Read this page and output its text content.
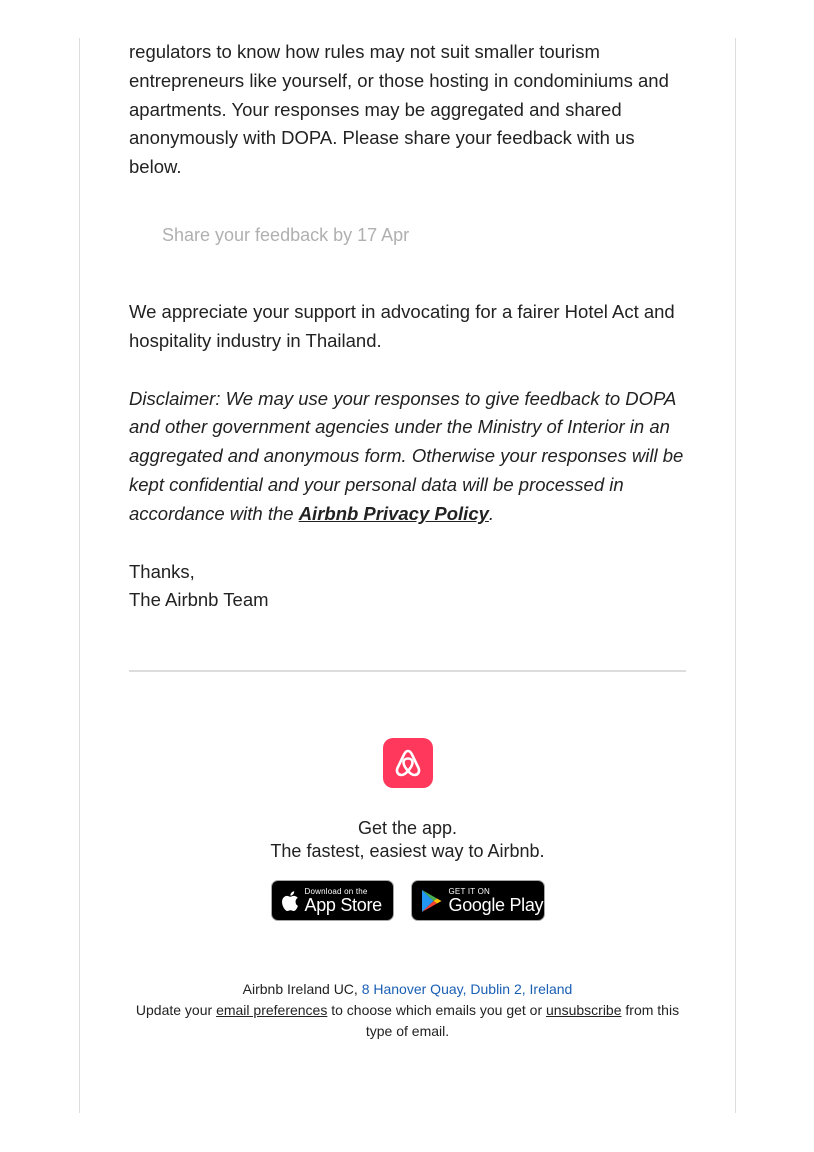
regulators to know how rules may not suit smaller tourism entrepreneurs like yourself, or those hosting in condominiums and apartments. Your responses may be aggregated and shared anonymously with DOPA. Please share your feedback with us below.

Share your feedback by 17 Apr

We appreciate your support in advocating for a fairer Hotel Act and hospitality industry in Thailand.

Disclaimer: We may use your responses to give feedback to DOPA and other government agencies under the Ministry of Interior in an aggregated and anonymous form. Otherwise your responses will be kept confidential and your personal data will be processed in accordance with the Airbnb Privacy Policy.

Thanks,
The Airbnb Team

Get the app.
The fastest, easiest way to Airbnb.
Download on the
App Store
GET IT ON
Google Play
Airbnb Ireland UC, 8 Hanover Quay, Dublin 2, Ireland
Update your email preferences to choose which emails you get or unsubscribe from this type of email.
